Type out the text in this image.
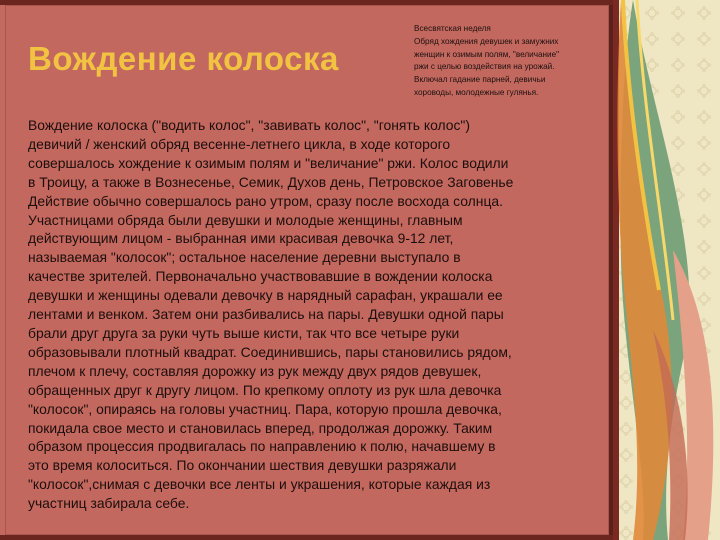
Вождение колоска
Всесвятская неделя
Обряд хождения девушек и замужних
женщин к озимым полям, "величание"
ржи с целью воздействия на урожай.
Включал гадание парней, девичьи
хороводы, молодежные гулянья.

Вождение колоска ("водить колос", "завивать колос", "гонять колос")
девичий / женский обряд весенне-летнего цикла, в ходе которого
совершалось хождение к озимым полям и "величание" ржи. Колос водили
в Троицу, а также в Вознесенье, Семик, Духов день, Петровское Заговенье
Действие обычно совершалось рано утром, сразу после восхода солнца.
Участницами обряда были девушки и молодые женщины, главным
действующим лицом - выбранная ими красивая девочка 9-12 лет,
называемая "колосок"; остальное население деревни выступало в
качестве зрителей. Первоначально участвовавшие в вождении колоска
девушки и женщины одевали девочку в нарядный сарафан, украшали ее
лентами и венком. Затем они разбивались на пары. Девушки одной пары
брали друг друга за руки чуть выше кисти, так что все четыре руки
образовывали плотный квадрат. Соединившись, пары становились рядом,
плечом к плечу, составляя дорожку из рук между двух рядов девушек,
обращенных друг к другу лицом. По крепкому оплоту из рук шла девочка
"колосок", опираясь на головы участниц. Пара, которую прошла девочка,
покидала свое место и становилась вперед, продолжая дорожку. Таким
образом процессия продвигалась по направлению к полю, начавшему в
это время колоситься. По окончании шествия девушки разряжали
"колосок",снимая с девочки все ленты и украшения, которые каждая из
участниц забирала себе.
